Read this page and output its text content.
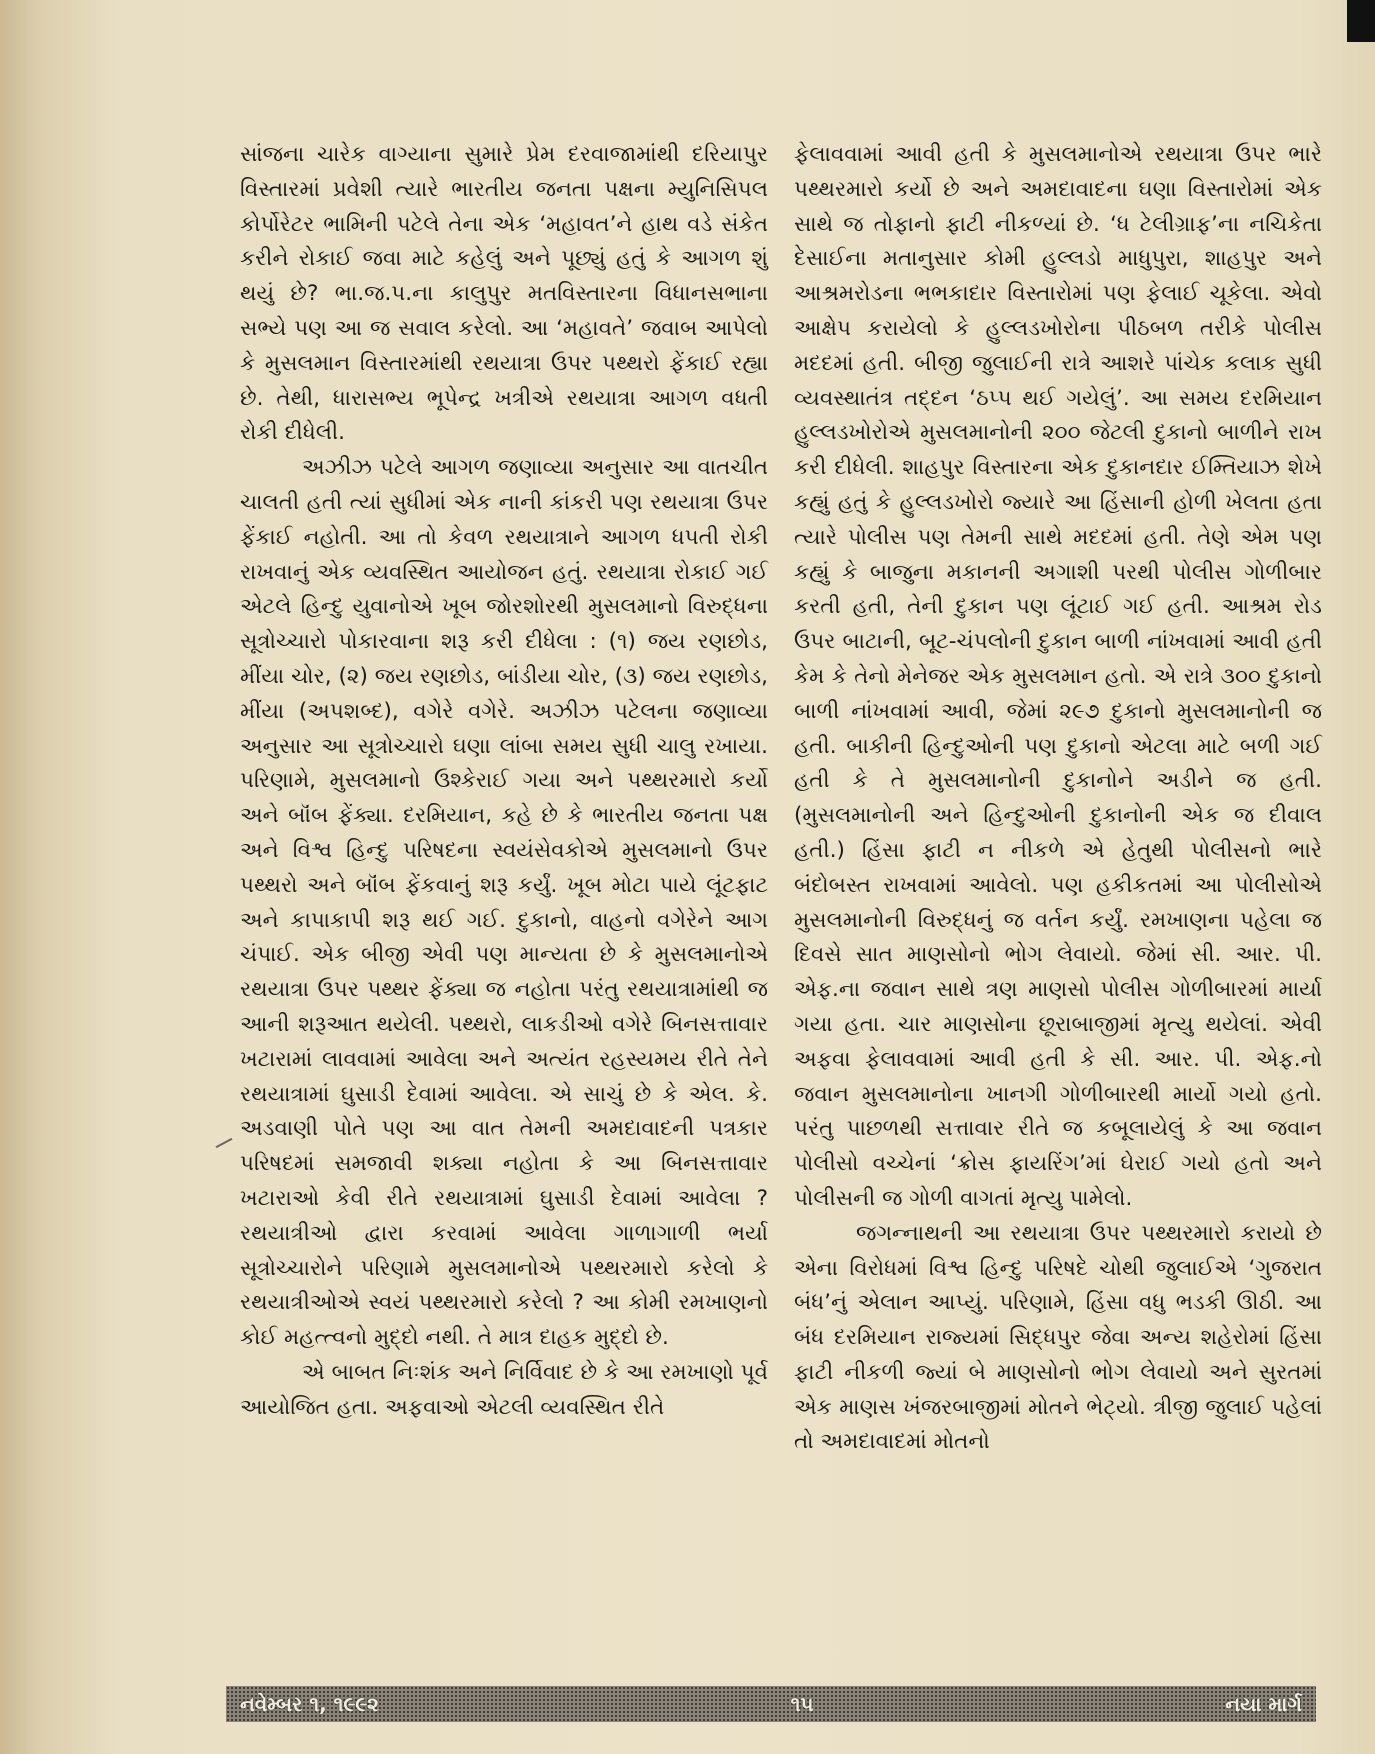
સાંજના ચારેક વાગ્યાના સુમારે પ્રેમ દરવાજામાંથી દરિયાપુર વિસ્તારમાં પ્રવેશી ત્યારે ભારતીય જનતા પક્ષના મ્યુનિસિપલ કોર્પોરેટર ભામિની પટેલે તેના એક ‘મહાવત’ને હાથ વડે સંકેત કરીને રોકાઈ જવા માટે કહેલું અને પૂછ્યું હતું કે આગળ શું થયું છે? ભા.જ.પ.ના કાલુપુર મતવિસ્તારના વિધાનસભાના સભ્યે પણ આ જ સવાલ કરેલો. આ ‘મહાવતે’ જવાબ આપેલો કે મુસલમાન વિસ્તારમાંથી રથયાત્રા ઉપર પથ્થરો ફેંકાઈ રહ્યા છે. તેથી, ધારાસભ્ય ભૂપેન્દ્ર ખત્રીએ રથયાત્રા આગળ વધતી રોકી દીધેલી.

અઝીઝ પટેલે આગળ જણાવ્યા અનુસાર આ વાતચીત ચાલતી હતી ત્યાં સુધીમાં એક નાની કાંકરી પણ રથયાત્રા ઉપર ફેંકાઈ નહોતી. આ તો કેવળ રથયાત્રાને આગળ ધપતી રોકી રાખવાનું એક વ્યવસ્થિત આયોજન હતું. રથયાત્રા રોકાઈ ગઈ એટલે હિન્દુ યુવાનોએ ખૂબ જોરશોરથી મુસલમાનો વિરુદ્ધના સૂત્રોચ્ચારો પોકારવાના શરૂ કરી દીધેલા : (૧) જય રણછોડ, મીંયા ચોર, (૨) જય રણછોડ, બાંડીયા ચોર, (૩) જય રણછોડ, મીંયા (અપશબ્દ), વગેરે વગેરે. અઝીઝ પટેલના જણાવ્યા અનુસાર આ સૂત્રોચ્ચારો ઘણા લાંબા સમય સુધી ચાલુ રખાયા. પરિણામે, મુસલમાનો ઉશ્કેરાઈ ગયા અને પથ્થરમારો કર્યો અને બૉંબ ફેંક્યા. દરમિયાન, કહે છે કે ભારતીય જનતા પક્ષ અને વિશ્વ હિન્દુ પરિષદના સ્વયંસેવકોએ મુસલમાનો ઉપર પથ્થરો અને બૉંબ ફેંકવાનું શરૂ કર્યું. ખૂબ મોટા પાયે લૂંટફાટ અને કાપાકાપી શરૂ થઈ ગઈ. દુકાનો, વાહનો વગેરેને આગ ચંપાઈ. એક બીજી એવી પણ માન્યતા છે કે મુસલમાનોએ રથયાત્રા ઉપર પથ્થર ફેંક્યા જ નહોતા પરંતુ રથયાત્રામાંથી જ આની શરૂઆત થયેલી. પથ્થરો, લાકડીઓ વગેરે બિનસત્તાવાર ખટારામાં લાવવામાં આવેલા અને અત્યંત રહસ્યમય રીતે તેને રથયાત્રામાં ઘુસાડી દેવામાં આવેલા. એ સાચું છે કે એલ. કે. અડવાણી પોતે પણ આ વાત તેમની અમદાવાદની પત્રકાર પરિષદમાં સમજાવી શક્યા નહોતા કે આ બિનસત્તાવાર ખટારાઓ કેવી રીતે રથયાત્રામાં ઘુસાડી દેવામાં આવેલા ? રથયાત્રીઓ દ્વારા કરવામાં આવેલા ગાળાગાળી ભર્યા સૂત્રોચ્ચારોને પરિણામે મુસલમાનોએ પથ્થરમારો કરેલો કે રથયાત્રીઓએ સ્વયં પથ્થરમારો કરેલો ? આ કોમી રમખાણનો કોઈ મહત્ત્વનો મુદ્દો નથી. તે માત્ર દાહક મુદ્દો છે.

એ બાબત નિઃશંક અને નિર્વિવાદ છે કે આ રમખાણો પૂર્વ આયોજિત હતા. અફવાઓ એટલી વ્યવસ્થિત રીતે

ફેલાવવામાં આવી હતી કે મુસલમાનોએ રથયાત્રા ઉપર ભારે પથ્થરમારો કર્યો છે અને અમદાવાદના ઘણા વિસ્તારોમાં એક સાથે જ તોફાનો ફાટી નીકળ્યાં છે. ‘ધ ટેલીગ્રાફ’ના નચિકેતા દેસાઈના મતાનુસાર કોમી હુલ્લડો માધુપુરા, શાહપુર અને આશ્રમરોડના ભભકાદાર વિસ્તારોમાં પણ ફેલાઈ ચૂકેલા. એવો આક્ષેપ કરાયેલો કે હુલ્લડખોરોના પીઠબળ તરીકે પોલીસ મદદમાં હતી. બીજી જુલાઈની રાત્રે આશરે પાંચેક કલાક સુધી વ્યવસ્થાતંત્ર તદ્દન ‘ઠપ્પ થઈ ગયેલું’. આ સમય દરમિયાન હુલ્લડખોરોએ મુસલમાનોની ૨૦૦ જેટલી દુકાનો બાળીને રાખ કરી દીધેલી. શાહપુર વિસ્તારના એક દુકાનદાર ઈમ્તિયાઝ શેખે કહ્યું હતું કે હુલ્લડખોરો જ્યારે આ હિંસાની હોળી ખેલતા હતા ત્યારે પોલીસ પણ તેમની સાથે મદદમાં હતી. તેણે એમ પણ કહ્યું કે બાજુના મકાનની અગાશી પરથી પોલીસ ગોળીબાર કરતી હતી, તેની દુકાન પણ લૂંટાઈ ગઈ હતી. આશ્રમ રોડ ઉપર બાટાની, બૂટ-ચંપલોની દુકાન બાળી નાંખવામાં આવી હતી કેમ કે તેનો મેનેજર એક મુસલમાન હતો. એ રાત્રે ૩૦૦ દુકાનો બાળી નાંખવામાં આવી, જેમાં ૨૯૭ દુકાનો મુસલમાનોની જ હતી. બાકીની હિન્દુઓની પણ દુકાનો એટલા માટે બળી ગઈ હતી કે તે મુસલમાનોની દુકાનોને અડીને જ હતી. (મુસલમાનોની અને હિન્દુઓની દુકાનોની એક જ દીવાલ હતી.) હિંસા ફાટી ન નીકળે એ હેતુથી પોલીસનો ભારે બંદોબસ્ત રાખવામાં આવેલો. પણ હકીકતમાં આ પોલીસોએ મુસલમાનોની વિરુદ્ધનું જ વર્તન કર્યું. રમખાણના પહેલા જ દિવસે સાત માણસોનો ભોગ લેવાયો. જેમાં સી. આર. પી. એફ.ના જવાન સાથે ત્રણ માણસો પોલીસ ગોળીબારમાં માર્યા ગયા હતા. ચાર માણસોના છૂરાબાજીમાં મૃત્યુ થયેલાં. એવી અફવા ફેલાવવામાં આવી હતી કે સી. આર. પી. એફ.નો જવાન મુસલમાનોના ખાનગી ગોળીબારથી માર્યો ગયો હતો. પરંતુ પાછળથી સત્તાવાર રીતે જ કબૂલાયેલું કે આ જવાન પોલીસો વચ્ચેનાં ‘ક્રોસ ફાયરિંગ’માં ઘેરાઈ ગયો હતો અને પોલીસની જ ગોળી વાગતાં મૃત્યુ પામેલો.

જગન્નાથની આ રથયાત્રા ઉપર પથ્થરમારો કરાયો છે એના વિરોધમાં વિશ્વ હિન્દુ પરિષદે ચોથી જુલાઈએ ‘ગુજરાત બંધ’નું એલાન આપ્યું. પરિણામે, હિંસા વધુ ભડકી ઊઠી. આ બંધ દરમિયાન રાજ્યમાં સિદ્ધપુર જેવા અન્ય શહેરોમાં હિંસા ફાટી નીકળી જ્યાં બે માણસોનો ભોગ લેવાયો અને સુરતમાં એક માણસ ખંજરબાજીમાં મોતને ભેટ્યો. ત્રીજી જુલાઈ પહેલાં તો અમદાવાદમાં મોતનો

નવેમ્બર ૧, ૧૯૯૨	૧૫	નયા માર્ગ
